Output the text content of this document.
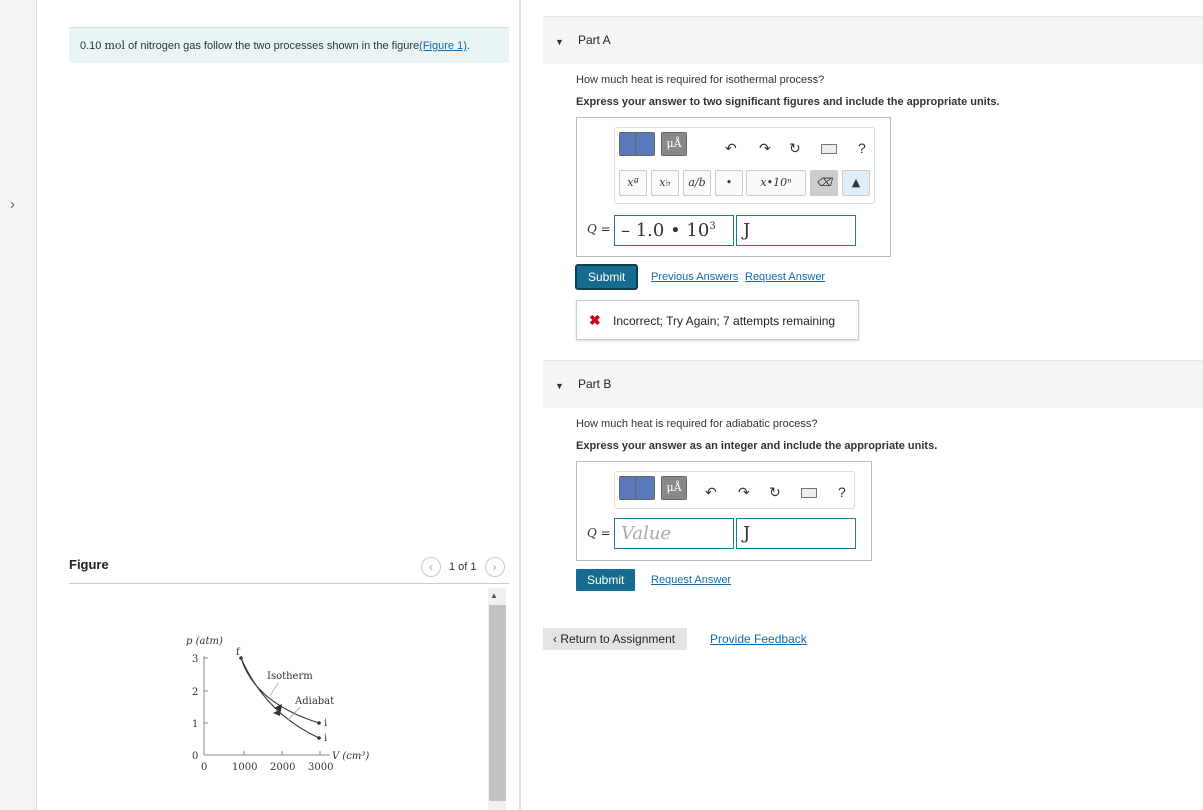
›
0.10 mol of nitrogen gas follow the two processes shown in the figure(Figure 1).
Figure	‹	1 of 1	›
p (atm)
3
2
1
0
0 1000 2000 3000
V (cm³)
f
i
i
Isotherm
Adiabat
▲
▼ Part A
How much heat is required for isothermal process?
Express your answer to two significant figures and include the appropriate units.
μÅ	↶ ↷ ↻	?
xª	x♭	a/b	•	x•10ⁿ	⌫	▲
Q = – 1.0 • $10^3$	J
Submit	Previous Answers Request Answer
✖ Incorrect; Try Again; 7 attempts remaining
▼ Part B
How much heat is required for adiabatic process?
Express your answer as an integer and include the appropriate units.
μÅ	↶ ↷ ↻	?
Q = Value	J
Submit	Request Answer
‹ Return to Assignment	Provide Feedback
